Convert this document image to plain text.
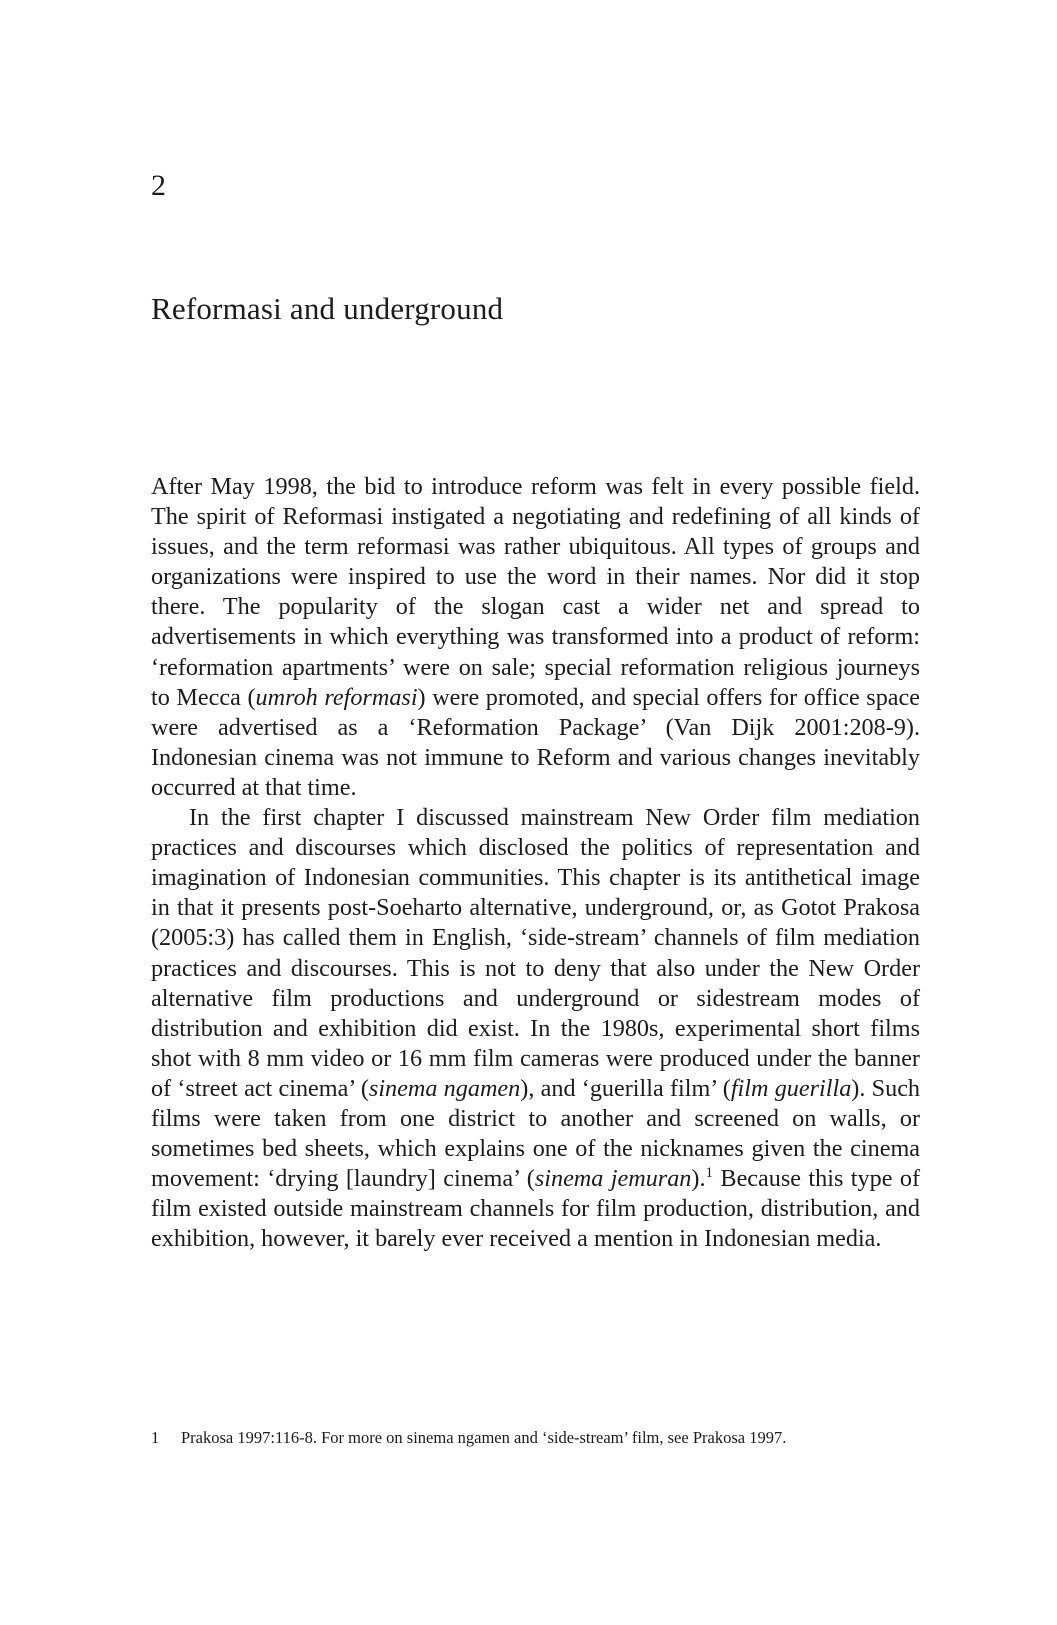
2
Reformasi and underground

After May 1998, the bid to introduce reform was felt in every possible field. The spirit of Reformasi instigated a negotiating and redefining of all kinds of issues, and the term reformasi was rather ubiquitous. All types of groups and organizations were inspired to use the word in their names. Nor did it stop there. The popularity of the slogan cast a wider net and spread to advertisements in which everything was transformed into a product of reform: ‘reformation apartments’ were on sale; special reformation religious journeys to Mecca (umroh reformasi) were promoted, and special offers for office space were advertised as a ‘Reformation Package’ (Van Dijk 2001:208-9). Indonesian cinema was not immune to Reform and various changes inevitably occurred at that time.

In the first chapter I discussed mainstream New Order film mediation practices and discourses which disclosed the politics of representation and imagination of Indonesian communities. This chapter is its antithetical image in that it presents post-Soeharto alternative, underground, or, as Gotot Prakosa (2005:3) has called them in English, ‘side-stream’ channels of film mediation practices and discourses. This is not to deny that also under the New Order alternative film productions and underground or sidestream modes of distribution and exhibition did exist. In the 1980s, experimental short films shot with 8 mm video or 16 mm film cameras were produced under the banner of ‘street act cinema’ (sinema ngamen), and ‘guerilla film’ (film guerilla). Such films were taken from one district to another and screened on walls, or sometimes bed sheets, which explains one of the nicknames given the cinema movement: ‘drying [laundry] cinema’ (sinema jemuran).$^1$ Because this type of film existed outside mainstream channels for film production, distribution, and exhibition, however, it barely ever received a mention in Indonesian media.

1 Prakosa 1997:116-8. For more on sinema ngamen and ‘side-stream’ film, see Prakosa 1997.
